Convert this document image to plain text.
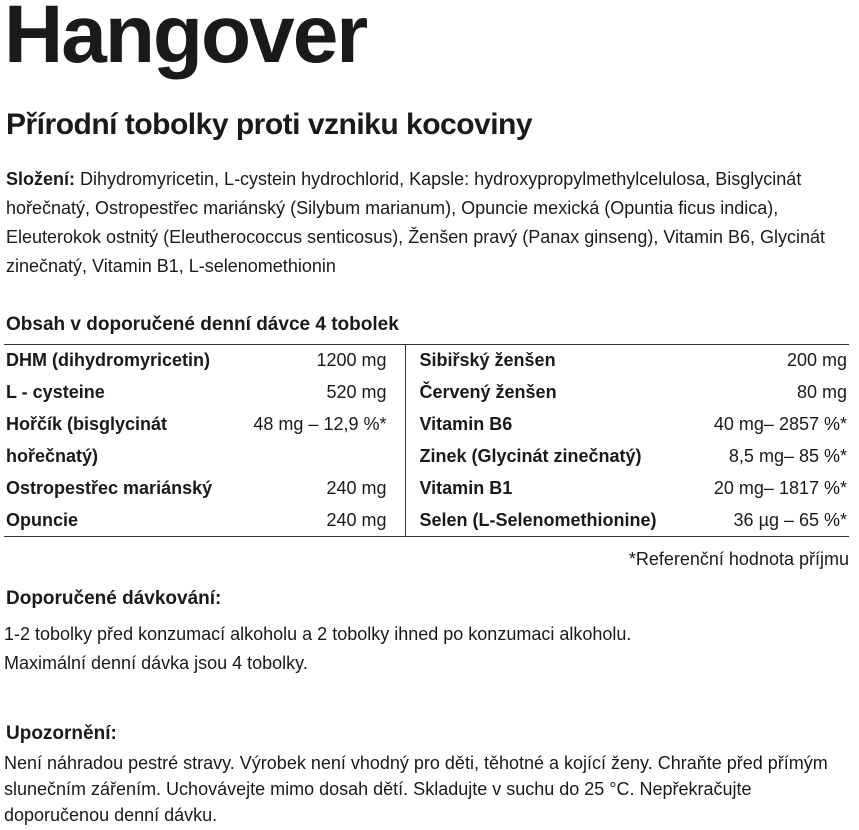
Hangover
Přírodní tobolky proti vzniku kocoviny

Složení: Dihydromyricetin, L-cystein hydrochlorid, Kapsle: hydroxypropylmethylcelulosa, Bisglycinát hořečnatý, Ostropestřec mariánský (Silybum marianum), Opuncie mexická (Opuntia ficus indica), Eleuterokok ostnitý (Eleutherococcus senticosus), Ženšen pravý (Panax ginseng), Vitamin B6, Glycinát zinečnatý, Vitamin B1, L-selenomethionin

Obsah v doporučené denní dávce 4 tobolek
DHM (dihydromyricetin)	1200 mg	Sibiřský ženšen	200 mg
L - cysteine	520 mg	Červený ženšen	80 mg
Hořčík (bisglycinát	48 mg – 12,9 %*	Vitamin B6	40 mg– 2857 %*
hořečnatý)		Zinek (Glycinát zinečnatý)	8,5 mg– 85 %*
Ostropestřec mariánský	240 mg	Vitamin B1	20 mg– 1817 %*
Opuncie	240 mg	Selen (L-Selenomethionine)	36 µg – 65 %*
*Referenční hodnota příjmu
Doporučené dávkování:
1-2 tobolky před konzumací alkoholu a 2 tobolky ihned po konzumaci alkoholu.
Maximální denní dávka jsou 4 tobolky.
Upozornění:

Není náhradou pestré stravy. Výrobek není vhodný pro děti, těhotné a kojící ženy. Chraňte před přímým slunečním zářením. Uchovávejte mimo dosah dětí. Skladujte v suchu do 25 °C. Nepřekračujte doporučenou denní dávku.
